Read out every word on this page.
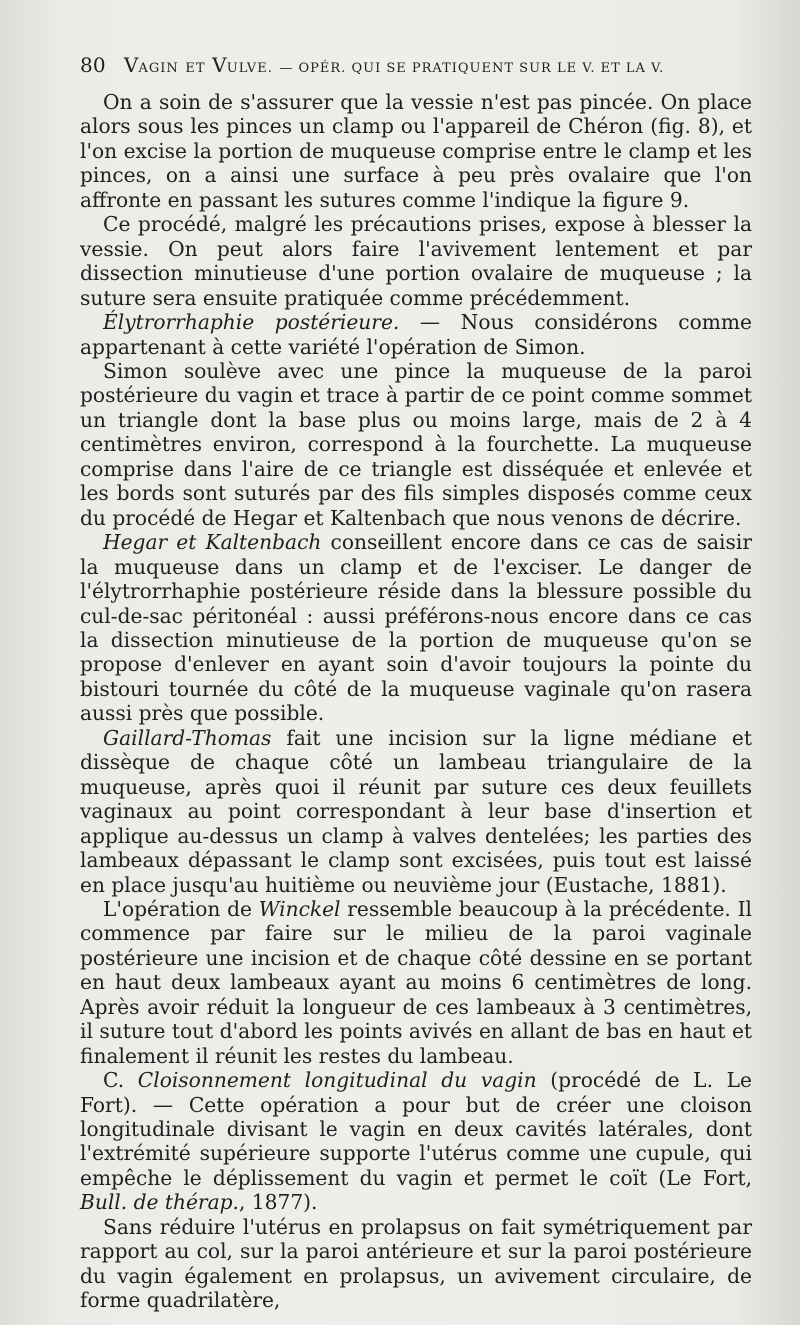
80 VAGIN ET VULVE. — OPÉR. QUI SE PRATIQUENT SUR LE V. ET LA V.

On a soin de s'assurer que la vessie n'est pas pincée. On place alors sous les pinces un clamp ou l'appareil de Chéron (fig. 8), et l'on excise la portion de muqueuse comprise entre le clamp et les pinces, on a ainsi une surface à peu près ovalaire que l'on affronte en passant les sutures comme l'indique la figure 9.

Ce procédé, malgré les précautions prises, expose à blesser la vessie. On peut alors faire l'avivement lentement et par dissection minutieuse d'une portion ovalaire de muqueuse ; la suture sera ensuite pratiquée comme précédemment.

Élytrorrhaphie postérieure. — Nous considérons comme appartenant à cette variété l'opération de Simon.

Simon soulève avec une pince la muqueuse de la paroi postérieure du vagin et trace à partir de ce point comme sommet un triangle dont la base plus ou moins large, mais de 2 à 4 centimètres environ, correspond à la fourchette. La muqueuse comprise dans l'aire de ce triangle est disséquée et enlevée et les bords sont suturés par des fils simples disposés comme ceux du procédé de Hegar et Kaltenbach que nous venons de décrire.

Hegar et Kaltenbach conseillent encore dans ce cas de saisir la muqueuse dans un clamp et de l'exciser. Le danger de l'élytrorrhaphie postérieure réside dans la blessure possible du cul-de-sac péritonéal : aussi préférons-nous encore dans ce cas la dissection minutieuse de la portion de muqueuse qu'on se propose d'enlever en ayant soin d'avoir toujours la pointe du bistouri tournée du côté de la muqueuse vaginale qu'on rasera aussi près que possible.

Gaillard-Thomas fait une incision sur la ligne médiane et dissèque de chaque côté un lambeau triangulaire de la muqueuse, après quoi il réunit par suture ces deux feuillets vaginaux au point correspondant à leur base d'insertion et applique au-dessus un clamp à valves dentelées; les parties des lambeaux dépassant le clamp sont excisées, puis tout est laissé en place jusqu'au huitième ou neuvième jour (Eustache, 1881).

L'opération de Winckel ressemble beaucoup à la précédente. Il commence par faire sur le milieu de la paroi vaginale postérieure une incision et de chaque côté dessine en se portant en haut deux lambeaux ayant au moins 6 centimètres de long. Après avoir réduit la longueur de ces lambeaux à 3 centimètres, il suture tout d'abord les points avivés en allant de bas en haut et finalement il réunit les restes du lambeau.

C. Cloisonnement longitudinal du vagin (procédé de L. Le Fort). — Cette opération a pour but de créer une cloison longitudinale divisant le vagin en deux cavités latérales, dont l'extrémité supérieure supporte l'utérus comme une cupule, qui empêche le déplissement du vagin et permet le coït (Le Fort, Bull. de thérap., 1877).

Sans réduire l'utérus en prolapsus on fait symétriquement par rapport au col, sur la paroi antérieure et sur la paroi postérieure du vagin également en prolapsus, un avivement circulaire, de forme quadrilatère,
